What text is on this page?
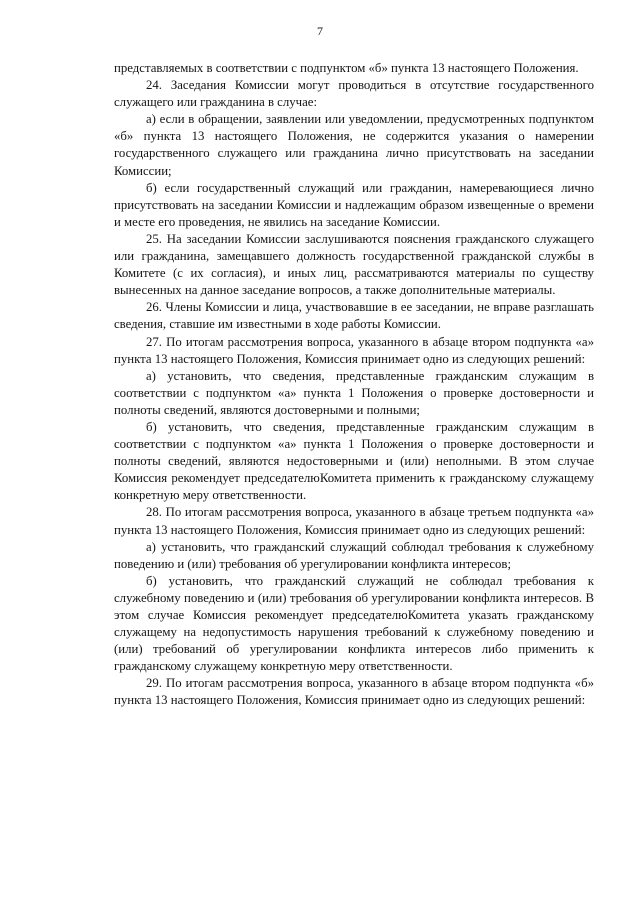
7

представляемых в соответствии с подпунктом «б» пункта 13 настоящего Положения.

24. Заседания Комиссии могут проводиться в отсутствие государственного служащего или гражданина в случае:

а) если в обращении, заявлении или уведомлении, предусмотренных подпунктом «б» пункта 13 настоящего Положения, не содержится указания о намерении государственного служащего или гражданина лично присутствовать на заседании Комиссии;

б) если государственный служащий или гражданин, намеревающиеся лично присутствовать на заседании Комиссии и надлежащим образом извещенные о времени и месте его проведения, не явились на заседание Комиссии.

25. На заседании Комиссии заслушиваются пояснения гражданского служащего или гражданина, замещавшего должность государственной гражданской службы в Комитете (с их согласия), и иных лиц, рассматриваются материалы по существу вынесенных на данное заседание вопросов, а также дополнительные материалы.

26. Члены Комиссии и лица, участвовавшие в ее заседании, не вправе разглашать сведения, ставшие им известными в ходе работы Комиссии.

27. По итогам рассмотрения вопроса, указанного в абзаце втором подпункта «а» пункта 13 настоящего Положения, Комиссия принимает одно из следующих решений:

а) установить, что сведения, представленные гражданским служащим в соответствии с подпунктом «а» пункта 1 Положения о проверке достоверности и полноты сведений, являются достоверными и полными;

б) установить, что сведения, представленные гражданским служащим в соответствии с подпунктом «а» пункта 1 Положения о проверке достоверности и полноты сведений, являются недостоверными и (или) неполными. В этом случае Комиссия рекомендует председателюКомитета применить к гражданскому служащему конкретную меру ответственности.

28. По итогам рассмотрения вопроса, указанного в абзаце третьем подпункта «а» пункта 13 настоящего Положения, Комиссия принимает одно из следующих решений:

а) установить, что гражданский служащий соблюдал требования к служебному поведению и (или) требования об урегулировании конфликта интересов;

б) установить, что гражданский служащий не соблюдал требования к служебному поведению и (или) требования об урегулировании конфликта интересов. В этом случае Комиссия рекомендует председателюКомитета указать гражданскому служащему на недопустимость нарушения требований к служебному поведению и (или) требований об урегулировании конфликта интересов либо применить к гражданскому служащему конкретную меру ответственности.

29. По итогам рассмотрения вопроса, указанного в абзаце втором подпункта «б» пункта 13 настоящего Положения, Комиссия принимает одно из следующих решений:
